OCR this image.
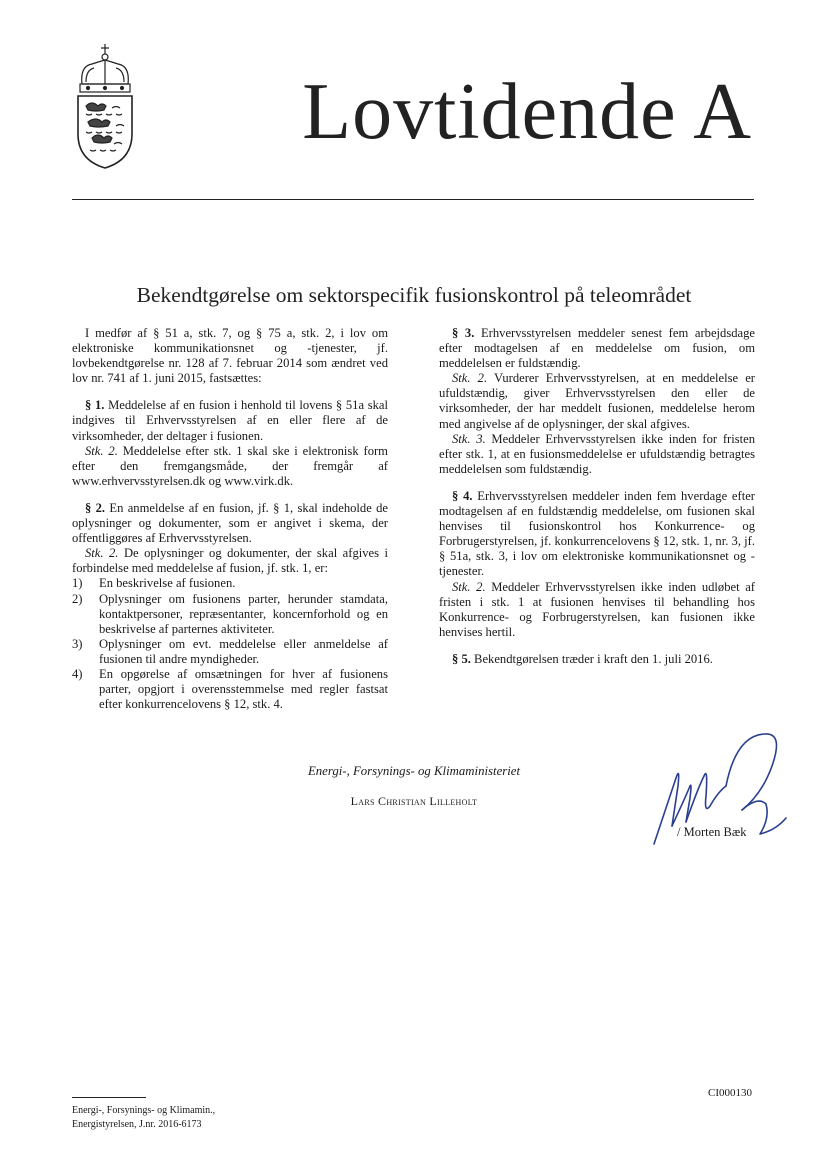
Lovtidende A
Bekendtgørelse om sektorspecifik fusionskontrol på teleområdet

I medfør af § 51 a, stk. 7, og § 75 a, stk. 2, i lov om elektroniske kommunikationsnet og -tjenester, jf. lovbekendtgørelse nr. 128 af 7. februar 2014 som ændret ved lov nr. 741 af 1. juni 2015, fastsættes:

§ 1. Meddelelse af en fusion i henhold til lovens § 51a skal indgives til Erhvervsstyrelsen af en eller flere af de virksomheder, der deltager i fusionen.

Stk. 2. Meddelelse efter stk. 1 skal ske i elektronisk form efter den fremgangsmåde, der fremgår af www.erhvervsstyrelsen.dk og www.virk.dk.

§ 2. En anmeldelse af en fusion, jf. § 1, skal indeholde de oplysninger og dokumenter, som er angivet i skema, der offentliggøres af Erhvervsstyrelsen.

Stk. 2. De oplysninger og dokumenter, der skal afgives i forbindelse med meddelelse af fusion, jf. stk. 1, er:

1) En beskrivelse af fusionen.
2) Oplysninger om fusionens parter, herunder stamdata, kontaktpersoner, repræsentanter, koncernforhold og en beskrivelse af parternes aktiviteter.
3) Oplysninger om evt. meddelelse eller anmeldelse af fusionen til andre myndigheder.
4) En opgørelse af omsætningen for hver af fusionens parter, opgjort i overensstemmelse med regler fastsat efter konkurrencelovens § 12, stk. 4.

§ 3. Erhvervsstyrelsen meddeler senest fem arbejdsdage efter modtagelsen af en meddelelse om fusion, om meddelelsen er fuldstændig.

Stk. 2. Vurderer Erhvervsstyrelsen, at en meddelelse er ufuldstændig, giver Erhvervsstyrelsen den eller de virksomheder, der har meddelt fusionen, meddelelse herom med angivelse af de oplysninger, der skal afgives.

Stk. 3. Meddeler Erhvervsstyrelsen ikke inden for fristen efter stk. 1, at en fusionsmeddelelse er ufuldstændig betragtes meddelelsen som fuldstændig.

§ 4. Erhvervsstyrelsen meddeler inden fem hverdage efter modtagelsen af en fuldstændig meddelelse, om fusionen skal henvises til fusionskontrol hos Konkurrence- og Forbrugerstyrelsen, jf. konkurrencelovens § 12, stk. 1, nr. 3, jf. § 51a, stk. 3, i lov om elektroniske kommunikationsnet og -tjenester.

Stk. 2. Meddeler Erhvervsstyrelsen ikke inden udløbet af fristen i stk. 1 at fusionen henvises til behandling hos Konkurrence- og Forbrugerstyrelsen, kan fusionen ikke henvises hertil.

§ 5. Bekendtgørelsen træder i kraft den 1. juli 2016.

Energi-, Forsynings- og Klimaministeriet
Lars Christian Lilleholt
/ Morten Bæk
CI000130
Energi-, Forsynings- og Klimamin.,
Energistyrelsen, J.nr. 2016-6173
